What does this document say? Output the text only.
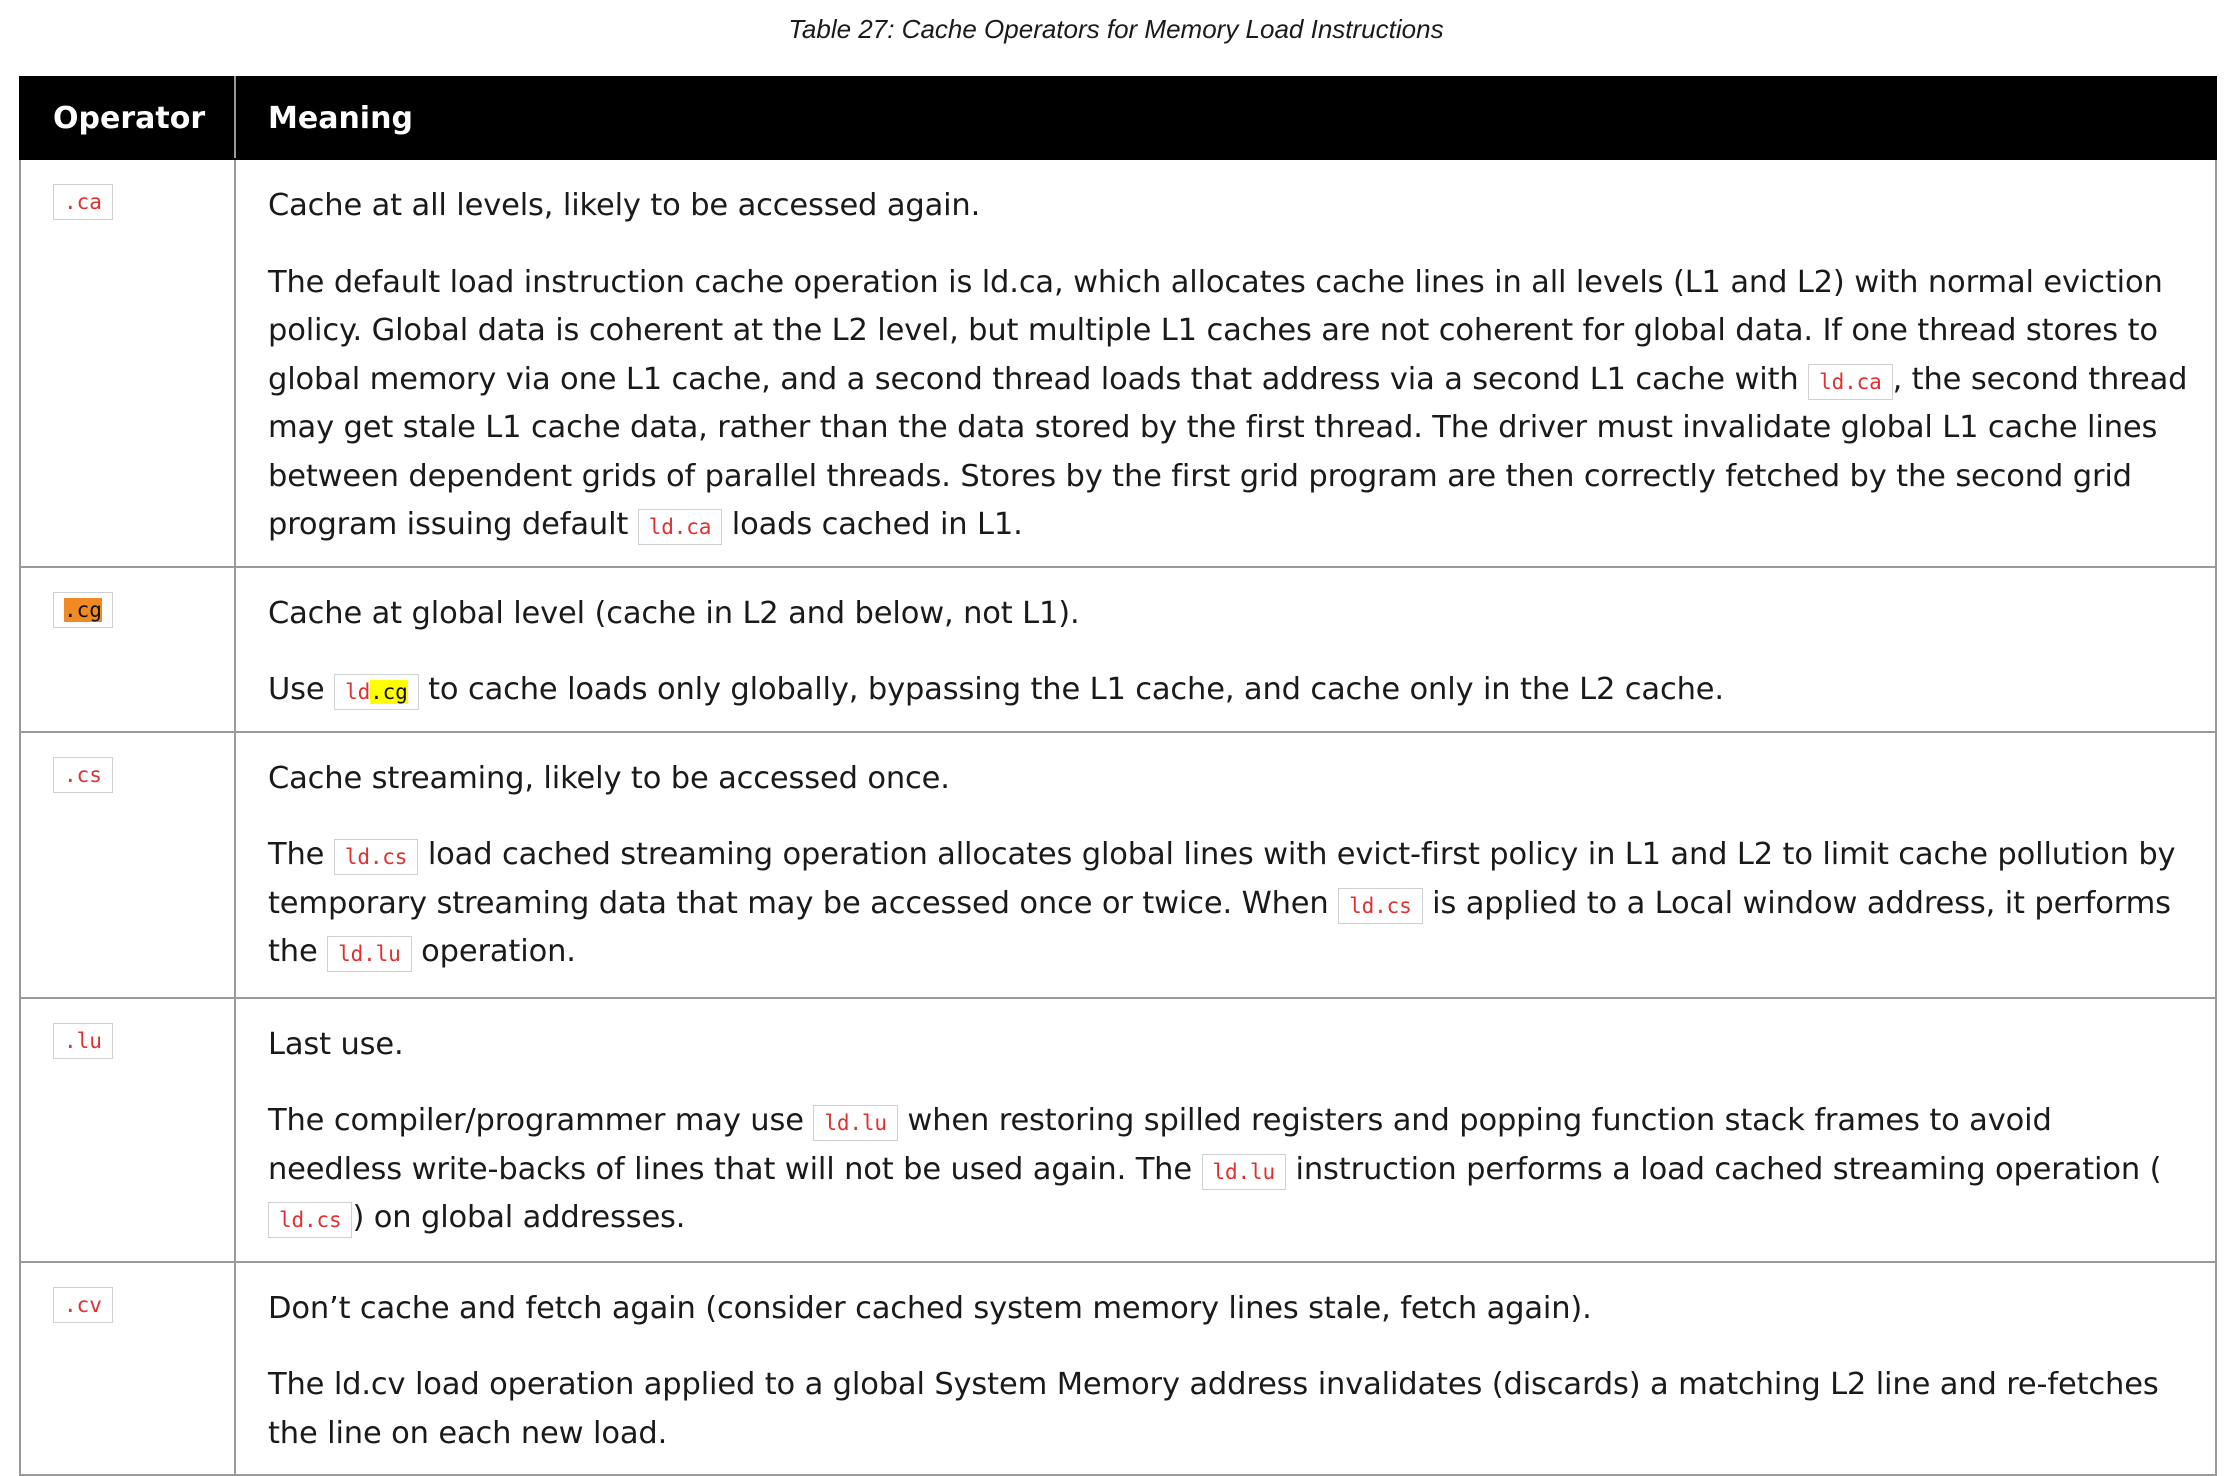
Table 27: Cache Operators for Memory Load Instructions
Operator	Meaning
.ca	Cache at all levels, likely to be accessed again.

The default load instruction cache operation is ld.ca, which allocates cache lines in all levels (L1 and L2) with normal eviction policy. Global data is coherent at the L2 level, but multiple L1 caches are not coherent for global data. If one thread stores to global memory via one L1 cache, and a second thread loads that address via a second L1 cache with ld.ca , the second thread may get stale L1 cache data, rather than the data stored by the first thread. The driver must invalidate global L1 cache lines between dependent grids of parallel threads. Stores by the first grid program are then correctly fetched by the second grid program issuing default ld.ca loads cached in L1.

.cg	Cache at global level (cache in L2 and below, not L1).

Use ld.cg to cache loads only globally, bypassing the L1 cache, and cache only in the L2 cache.

.cs	Cache streaming, likely to be accessed once.

The ld.cs load cached streaming operation allocates global lines with evict-first policy in L1 and L2 to limit cache pollution by temporary streaming data that may be accessed once or twice. When ld.cs is applied to a Local window address, it performs the ld.lu operation.

.lu	Last use.

The compiler/programmer may use ld.lu when restoring spilled registers and popping function stack frames to avoid needless write-backs of lines that will not be used again. The ld.lu instruction performs a load cached streaming operation (ld.cs ) on global addresses.

.cv	Don’t cache and fetch again (consider cached system memory lines stale, fetch again).

The ld.cv load operation applied to a global System Memory address invalidates (discards) a matching L2 line and re-fetches the line on each new load.
